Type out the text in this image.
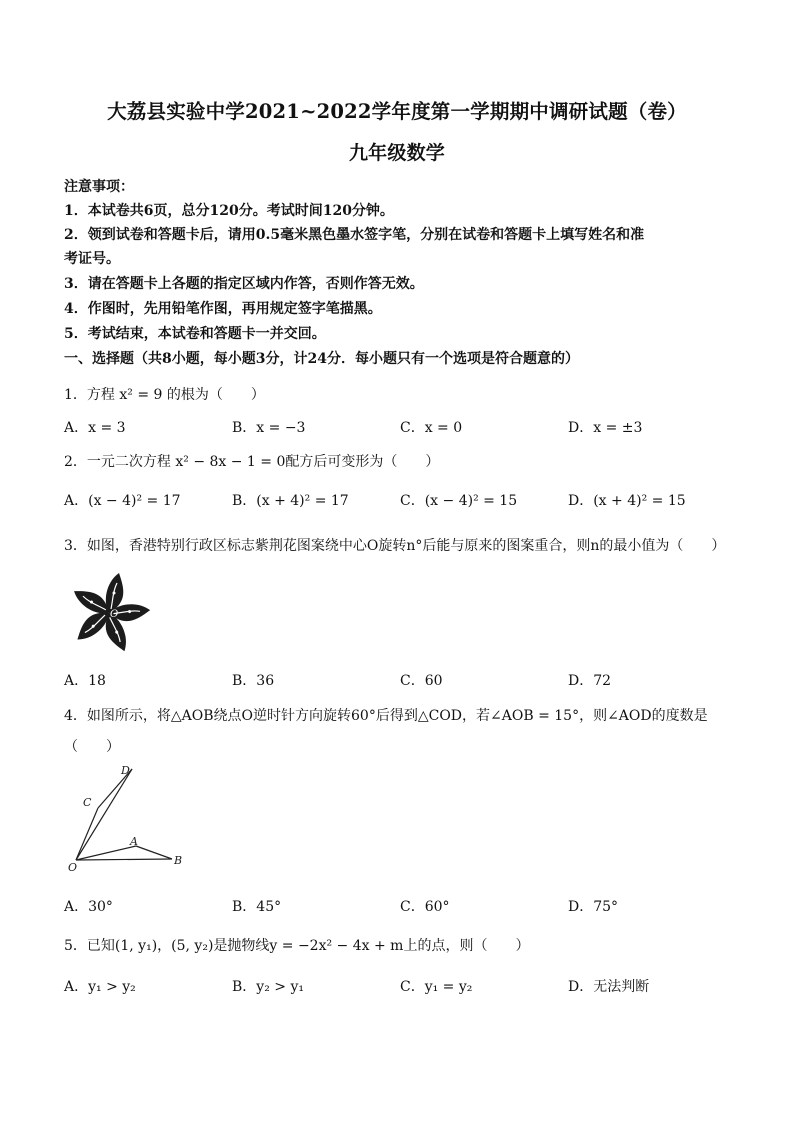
大荔县实验中学2021~2022学年度第一学期期中调研试题（卷）
九年级数学
注意事项：
1．本试卷共6页，总分120分。考试时间120分钟。
2．领到试卷和答题卡后，请用0.5毫米黑色墨水签字笔，分别在试卷和答题卡上填写姓名和准
考证号。
3．请在答题卡上各题的指定区域内作答，否则作答无效。
4．作图时，先用铅笔作图，再用规定签字笔描黑。
5．考试结束，本试卷和答题卡一并交回。
一、选择题（共8小题，每小题3分，计24分．每小题只有一个选项是符合题意的）
1．方程 x² = 9 的根为（　　）
A．x = 3	B．x = −3	C．x = 0	D．x = ±3
2．一元二次方程 x² − 8x − 1 = 0配方后可变形为（　　）
A．(x − 4)² = 17	B．(x + 4)² = 17	C．(x − 4)² = 15	D．(x + 4)² = 15
3．如图，香港特别行政区标志紫荆花图案绕中心O旋转n°后能与原来的图案重合，则n的最小值为（　　）
O
A．18	B．36	C．60	D．72
4．如图所示，将△AOB绕点O逆时针方向旋转60°后得到△COD，若∠AOB = 15°，则∠AOD的度数是
（　　）
D
C
A
O
B
A．30°	B．45°	C．60°	D．75°
5．已知(1, y₁)，(5, y₂)是抛物线y = −2x² − 4x + m上的点，则（　　）
A．y₁ > y₂	B．y₂ > y₁	C．y₁ = y₂	D．无法判断
